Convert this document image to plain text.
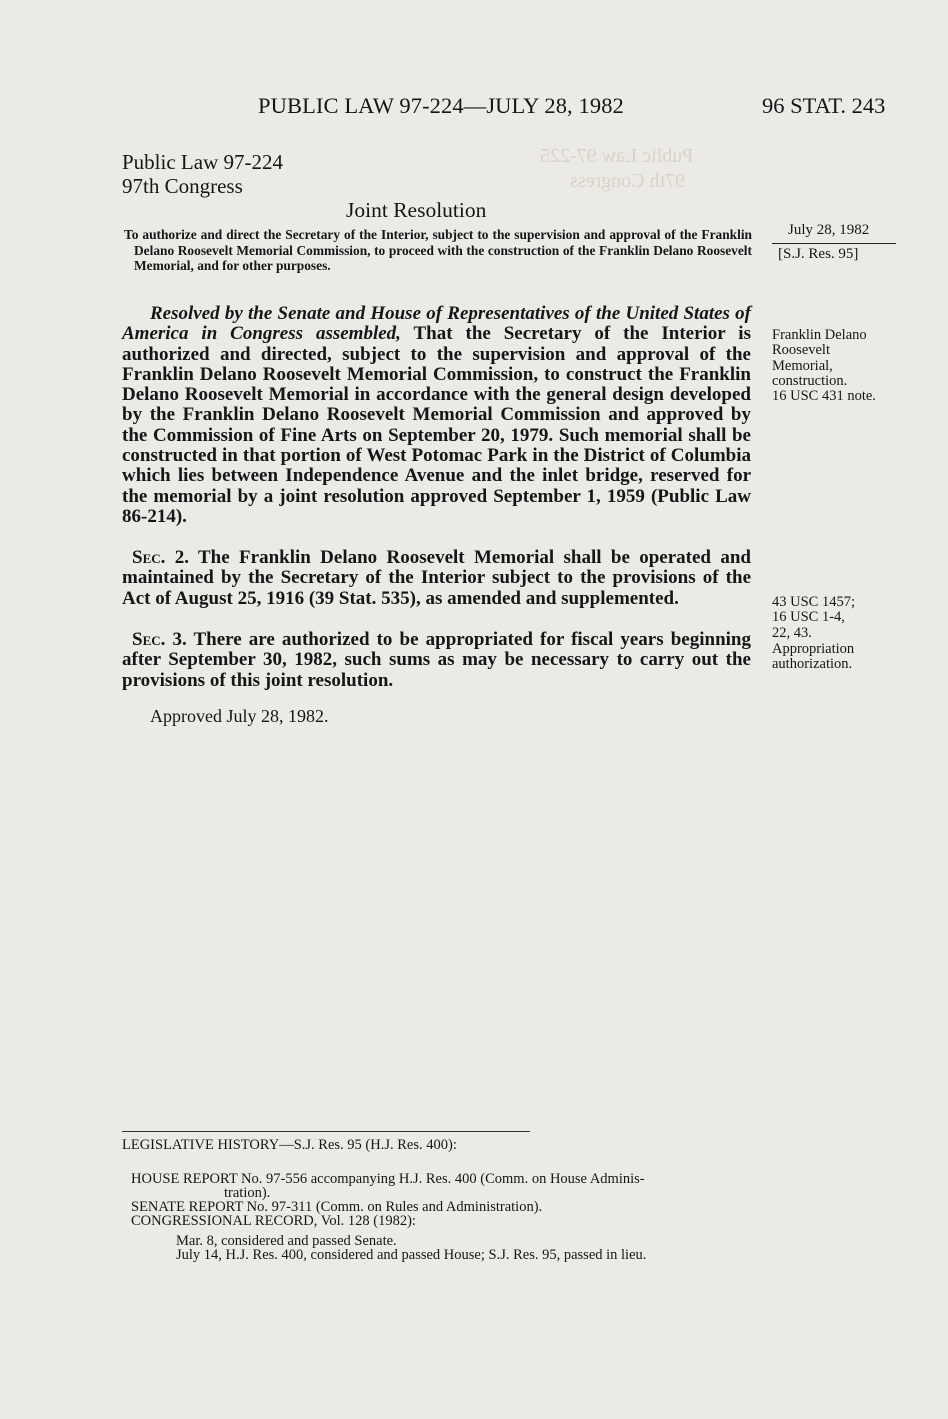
Public Law 97-225
97th Congress
PUBLIC LAW 97-224—JULY 28, 1982	96 STAT. 243
Public Law 97-224
97th Congress
Joint Resolution
July 28, 1982
[S.J. Res. 95]
To authorize and direct the Secretary of the Interior, subject to the supervision and approval of the Franklin Delano Roosevelt Memorial Commission, to proceed with the construction of the Franklin Delano Roosevelt Memorial, and for other purposes.
Resolved by the Senate and House of Representatives of the United States of America in Congress assembled, That the Secretary of the Interior is authorized and directed, subject to the supervision and approval of the Franklin Delano Roosevelt Memorial Commission, to construct the Franklin Delano Roosevelt Memorial in accordance with the general design developed by the Franklin Delano Roosevelt Memorial Commission and approved by the Commission of Fine Arts on September 20, 1979. Such memorial shall be constructed in that portion of West Potomac Park in the District of Columbia which lies between Independence Avenue and the inlet bridge, reserved for the memorial by a joint resolution approved September 1, 1959 (Public Law 86-214).
Sec. 2. The Franklin Delano Roosevelt Memorial shall be operated and maintained by the Secretary of the Interior subject to the provisions of the Act of August 25, 1916 (39 Stat. 535), as amended and supplemented.
Sec. 3. There are authorized to be appropriated for fiscal years beginning after September 30, 1982, such sums as may be necessary to carry out the provisions of this joint resolution.
Approved July 28, 1982.
Franklin Delano
Roosevelt
Memorial,
construction.
16 USC 431 note.
43 USC 1457;
16 USC 1-4,
22, 43.
Appropriation
authorization.
LEGISLATIVE HISTORY—S.J. Res. 95 (H.J. Res. 400):
HOUSE REPORT No. 97-556 accompanying H.J. Res. 400 (Comm. on House Adminis-
tration).
SENATE REPORT No. 97-311 (Comm. on Rules and Administration).
CONGRESSIONAL RECORD, Vol. 128 (1982):
Mar. 8, considered and passed Senate.
July 14, H.J. Res. 400, considered and passed House; S.J. Res. 95, passed in lieu.
